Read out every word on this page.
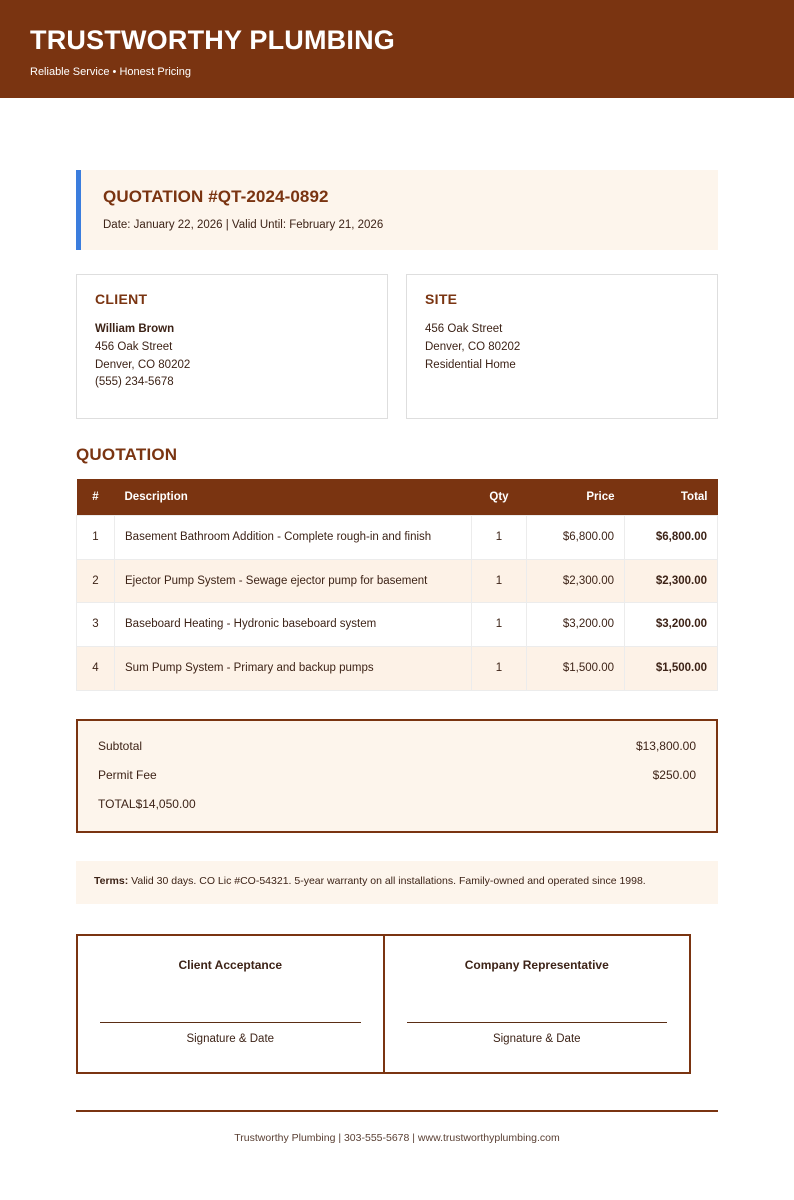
TRUSTWORTHY PLUMBING

Reliable Service • Honest Pricing

QUOTATION #QT-2024-0892
Date: January 22, 2026 | Valid Until: February 21, 2026
CLIENT
William Brown
456 Oak Street
Denver, CO 80202
(555) 234-5678
SITE
456 Oak Street
Denver, CO 80202
Residential Home
QUOTATION
#	Description	Qty	Price	Total
1	Basement Bathroom Addition - Complete rough-in and finish	1	$6,800.00	$6,800.00
2	Ejector Pump System - Sewage ejector pump for basement	1	$2,300.00	$2,300.00
3	Baseboard Heating - Hydronic baseboard system	1	$3,200.00	$3,200.00
4	Sum Pump System - Primary and backup pumps	1	$1,500.00	$1,500.00
Subtotal	$13,800.00
Permit Fee	$250.00
TOTAL$14,050.00
Terms: Valid 30 days. CO Lic #CO-54321. 5-year warranty on all installations. Family-owned and operated since 1998.
Client Acceptance
Signature & Date
Company Representative
Signature & Date
Trustworthy Plumbing | 303-555-5678 | www.trustworthyplumbing.com
